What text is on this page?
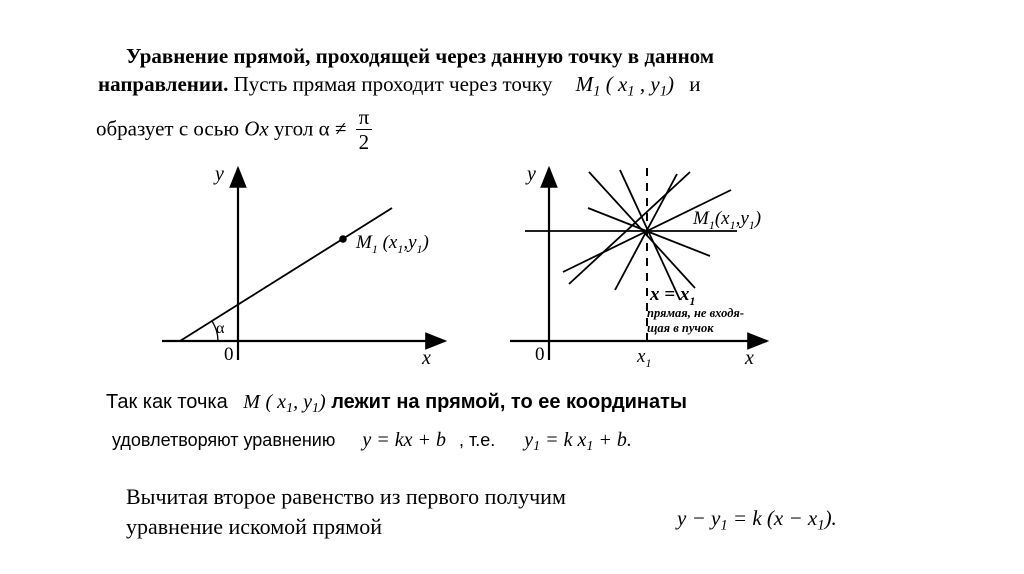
Уравнение прямой, проходящей через данную точку в данном
направлении. Пусть прямая проходит через точку $M_1$ ( $x_1$ , $y_1$) и
образует с осью Ox угол $\alpha \ne \frac{\pi}{2}$
y
x
0
α
$M_1$ $(x_1,y_1)$
y
x
0	$x_1$
$M_1(x_1,y_1)$
$x = x_1$
прямая, не входя-
щая в пучок
Так как точка M ( $x_1$, $y_1$) лежит на прямой, то ее координаты
удовлетворяют уравнению y = kx + b , т.е. $y_1 = k$ $x_1 + b$.
Вычитая второе равенство из первого получим
уравнение искомой прямой	$y - y_1 = k$ $(x - x_1)$.
